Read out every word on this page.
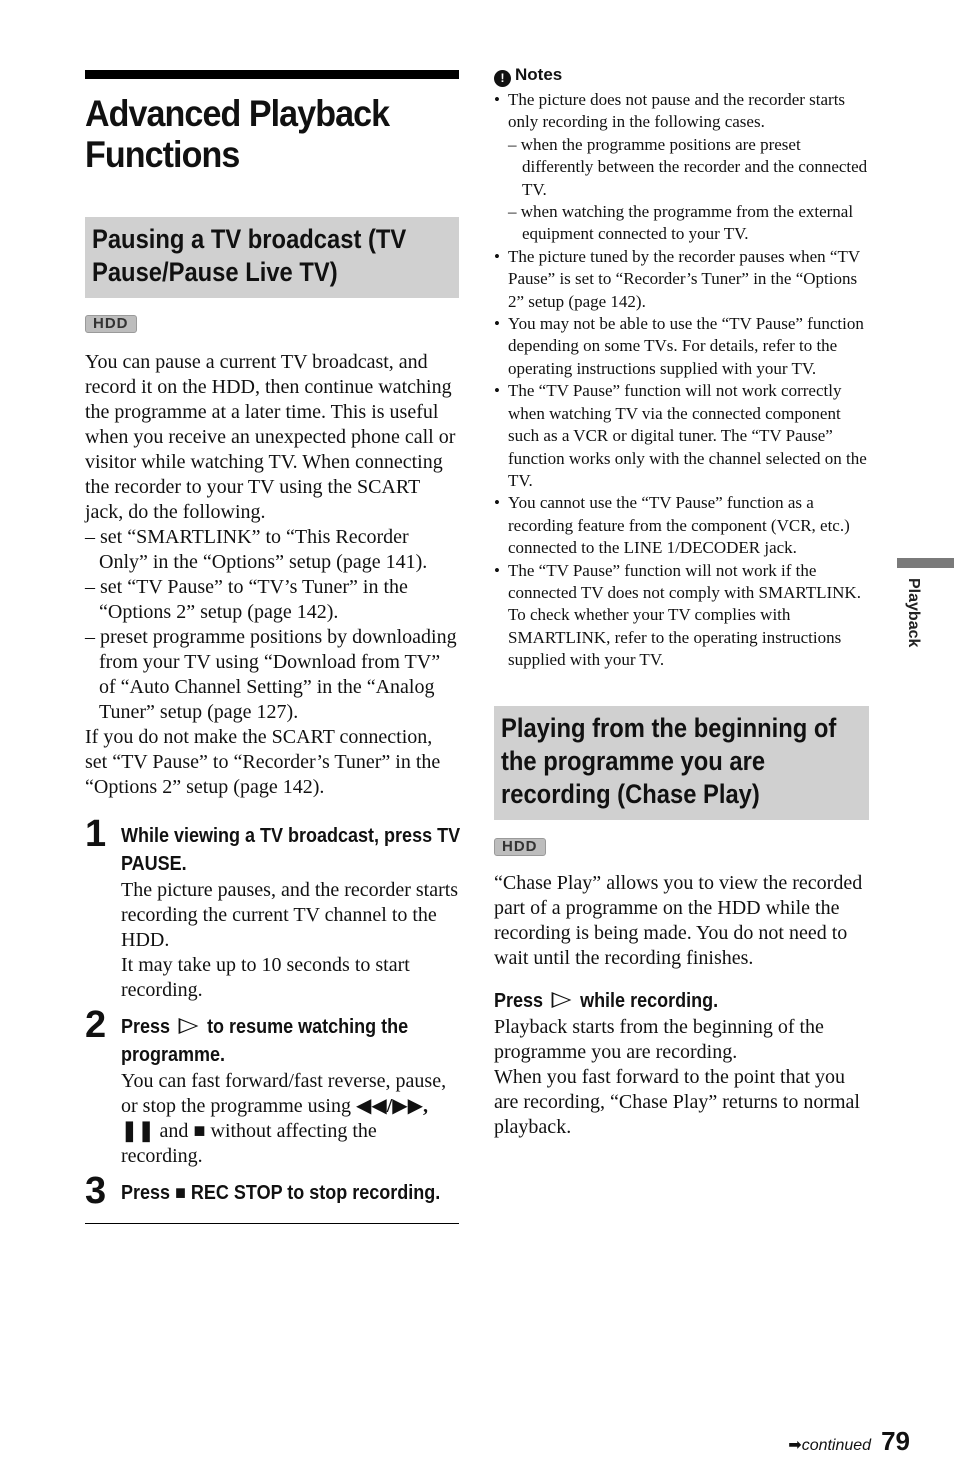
Advanced Playback Functions
Pausing a TV broadcast (TV Pause/Pause Live TV)
HDD

You can pause a current TV broadcast, and record it on the HDD, then continue watching the programme at a later time. This is useful when you receive an unexpected phone call or visitor while watching TV. When connecting the recorder to your TV using the SCART jack, do the following.

– set “SMARTLINK” to “This Recorder Only” in the “Options” setup (page 141).

– set “TV Pause” to “TV’s Tuner” in the “Options 2” setup (page 142).

– preset programme positions by downloading from your TV using “Download from TV” of “Auto Channel Setting” in the “Analog Tuner” setup (page 127).

If you do not make the SCART connection, set “TV Pause” to “Recorder’s Tuner” in the “Options 2” setup (page 142).

1 While viewing a TV broadcast, press TV PAUSE.

The picture pauses, and the recorder starts recording the current TV channel to the HDD.

It may take up to 10 seconds to start recording.

2 Press to resume watching the programme.

You can fast forward/fast reverse, pause, or stop the programme using ◀◀/▶▶, ❚❚ and ■ without affecting the recording.

3 Press ■ REC STOP to stop recording.
! Notes
• The picture does not pause and the recorder starts only recording in the following cases.
– when the programme positions are preset differently between the recorder and the connected TV.
– when watching the programme from the external equipment connected to your TV.
• The picture tuned by the recorder pauses when “TV Pause” is set to “Recorder’s Tuner” in the “Options 2” setup (page 142).
• You may not be able to use the “TV Pause” function depending on some TVs. For details, refer to the operating instructions supplied with your TV.
• The “TV Pause” function will not work correctly when watching TV via the connected component such as a VCR or digital tuner. The “TV Pause” function works only with the channel selected on the TV.
• You cannot use the “TV Pause” function as a recording feature from the component (VCR, etc.) connected to the LINE 1/DECODER jack.
• The “TV Pause” function will not work if the connected TV does not comply with SMARTLINK. To check whether your TV complies with SMARTLINK, refer to the operating instructions supplied with your TV.
Playing from the beginning of the programme you are recording (Chase Play)
HDD

“Chase Play” allows you to view the recorded part of a programme on the HDD while the recording is being made. You do not need to wait until the recording finishes.

Press while recording.

Playback starts from the beginning of the programme you are recording.

When you fast forward to the point that you are recording, “Chase Play” returns to normal playback.

Playback
➡continued 79
